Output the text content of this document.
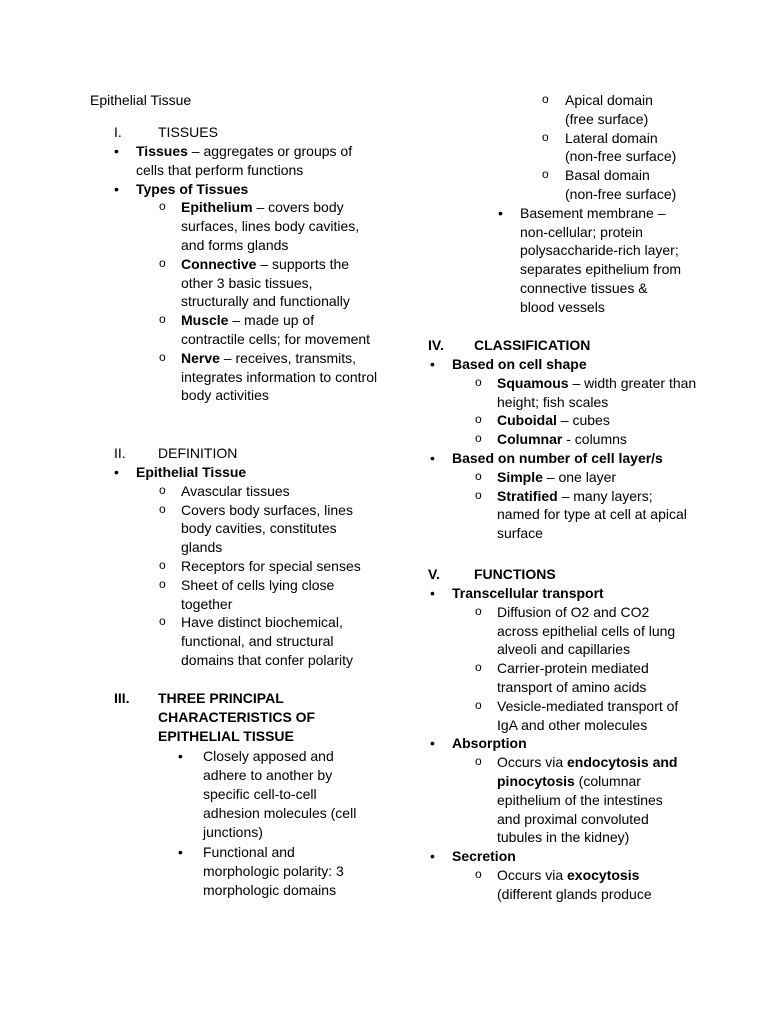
Epithelial Tissue
I.	TISSUES
• Tissues – aggregates or groups of cells that perform functions
• Types of Tissues
o Epithelium – covers body surfaces, lines body cavities, and forms glands
o Connective – supports the other 3 basic tissues, structurally and functionally
o Muscle – made up of contractile cells; for movement
o Nerve – receives, transmits, integrates information to control body activities
II. DEFINITION
• Epithelial Tissue
o Avascular tissues
o Covers body surfaces, lines body cavities, constitutes glands
o Receptors for special senses
o Sheet of cells lying close together
o Have distinct biochemical, functional, and structural domains that confer polarity
III. THREE PRINCIPAL CHARACTERISTICS OF EPITHELIAL TISSUE
• Closely apposed and adhere to another by specific cell-to-cell adhesion molecules (cell junctions)
• Functional and morphologic polarity: 3 morphologic domains
o Apical domain (free surface)
o Lateral domain (non-free surface)
o Basal domain (non-free surface)
• Basement membrane – non-cellular; protein polysaccharide-rich layer; separates epithelium from connective tissues & blood vessels
IV. CLASSIFICATION
• Based on cell shape
o Squamous – width greater than height; fish scales
o Cuboidal – cubes
o Columnar - columns
• Based on number of cell layer/s
o Simple – one layer
o Stratified – many layers; named for type at cell at apical surface
V. FUNCTIONS
• Transcellular transport
o Diffusion of O2 and CO2 across epithelial cells of lung alveoli and capillaries
o Carrier-protein mediated transport of amino acids
o Vesicle-mediated transport of IgA and other molecules
• Absorption
o Occurs via endocytosis and pinocytosis (columnar epithelium of the intestines and proximal convoluted tubules in the kidney)
• Secretion
o Occurs via exocytosis (different glands produce
